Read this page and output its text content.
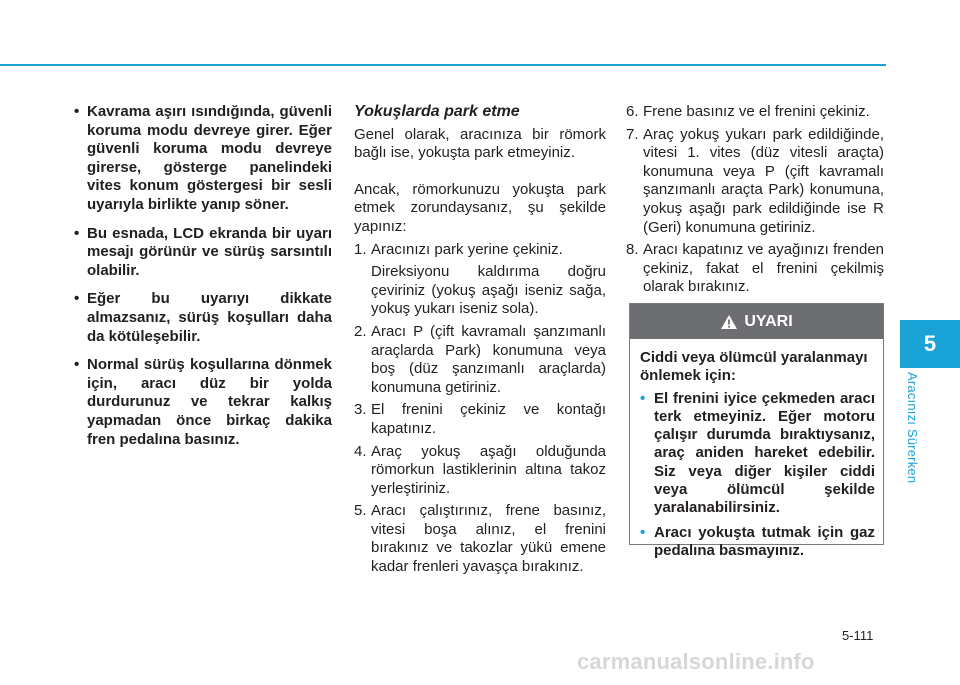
• Kavrama aşırı ısındığında, güvenli koruma modu devreye girer. Eğer güvenli koruma modu devreye girerse, gösterge panelindeki vites konum göstergesi bir sesli uyarıyla birlikte yanıp söner.

• Bu esnada, LCD ekranda bir uyarı mesajı görünür ve sürüş sarsıntılı olabilir.

• Eğer bu uyarıyı dikkate almazsanız, sürüş koşulları daha da kötüleşebilir.

• Normal sürüş koşullarına dönmek için, aracı düz bir yolda durdurunuz ve tekrar kalkış yapmadan önce birkaç dakika fren pedalına basınız.

Yokuşlarda park etme

Genel olarak, aracınıza bir römork bağlı ise, yokuşta park etmeyiniz.

Ancak, römorkunuzu yokuşta park etmek zorundaysanız, şu şekilde yapınız:

1. Aracınızı park yerine çekiniz.

Direksiyonu kaldırıma doğru çeviriniz (yokuş aşağı iseniz sağa, yokuş yukarı iseniz sola).

2. Aracı P (çift kavramalı şanzımanlı araçlarda Park) konumuna veya boş (düz şanzımanlı araçlarda) konumuna getiriniz.
3. El frenini çekiniz ve kontağı kapatınız.
4. Araç yokuş aşağı olduğunda römorkun lastiklerinin altına takoz yerleştiriniz.
5. Aracı çalıştırınız, frene basınız, vitesi boşa alınız, el frenini bırakınız ve takozlar yükü emene kadar frenleri yavaşça bırakınız.
6. Frene basınız ve el frenini çekiniz.
7. Araç yokuş yukarı park edildiğinde, vitesi 1. vites (düz vitesli araçta) konumuna veya P (çift kavramalı şanzımanlı araçta Park) konumuna, yokuş aşağı park edildiğinde ise R (Geri) konumuna getiriniz.
8. Aracı kapatınız ve ayağınızı frenden çekiniz, fakat el frenini çekilmiş olarak bırakınız.
UYARI

Ciddi veya ölümcül yaralanmayı önlemek için:

• El frenini iyice çekmeden aracı terk etmeyiniz. Eğer motoru çalışır durumda bıraktıysanız, araç aniden hareket edebilir. Siz veya diğer kişiler ciddi veya ölümcül şekilde yaralanabilirsiniz.

• Aracı yokuşta tutmak için gaz pedalına basmayınız.

5
Aracınızı Sürerken
5-111
carmanualsonline.info
